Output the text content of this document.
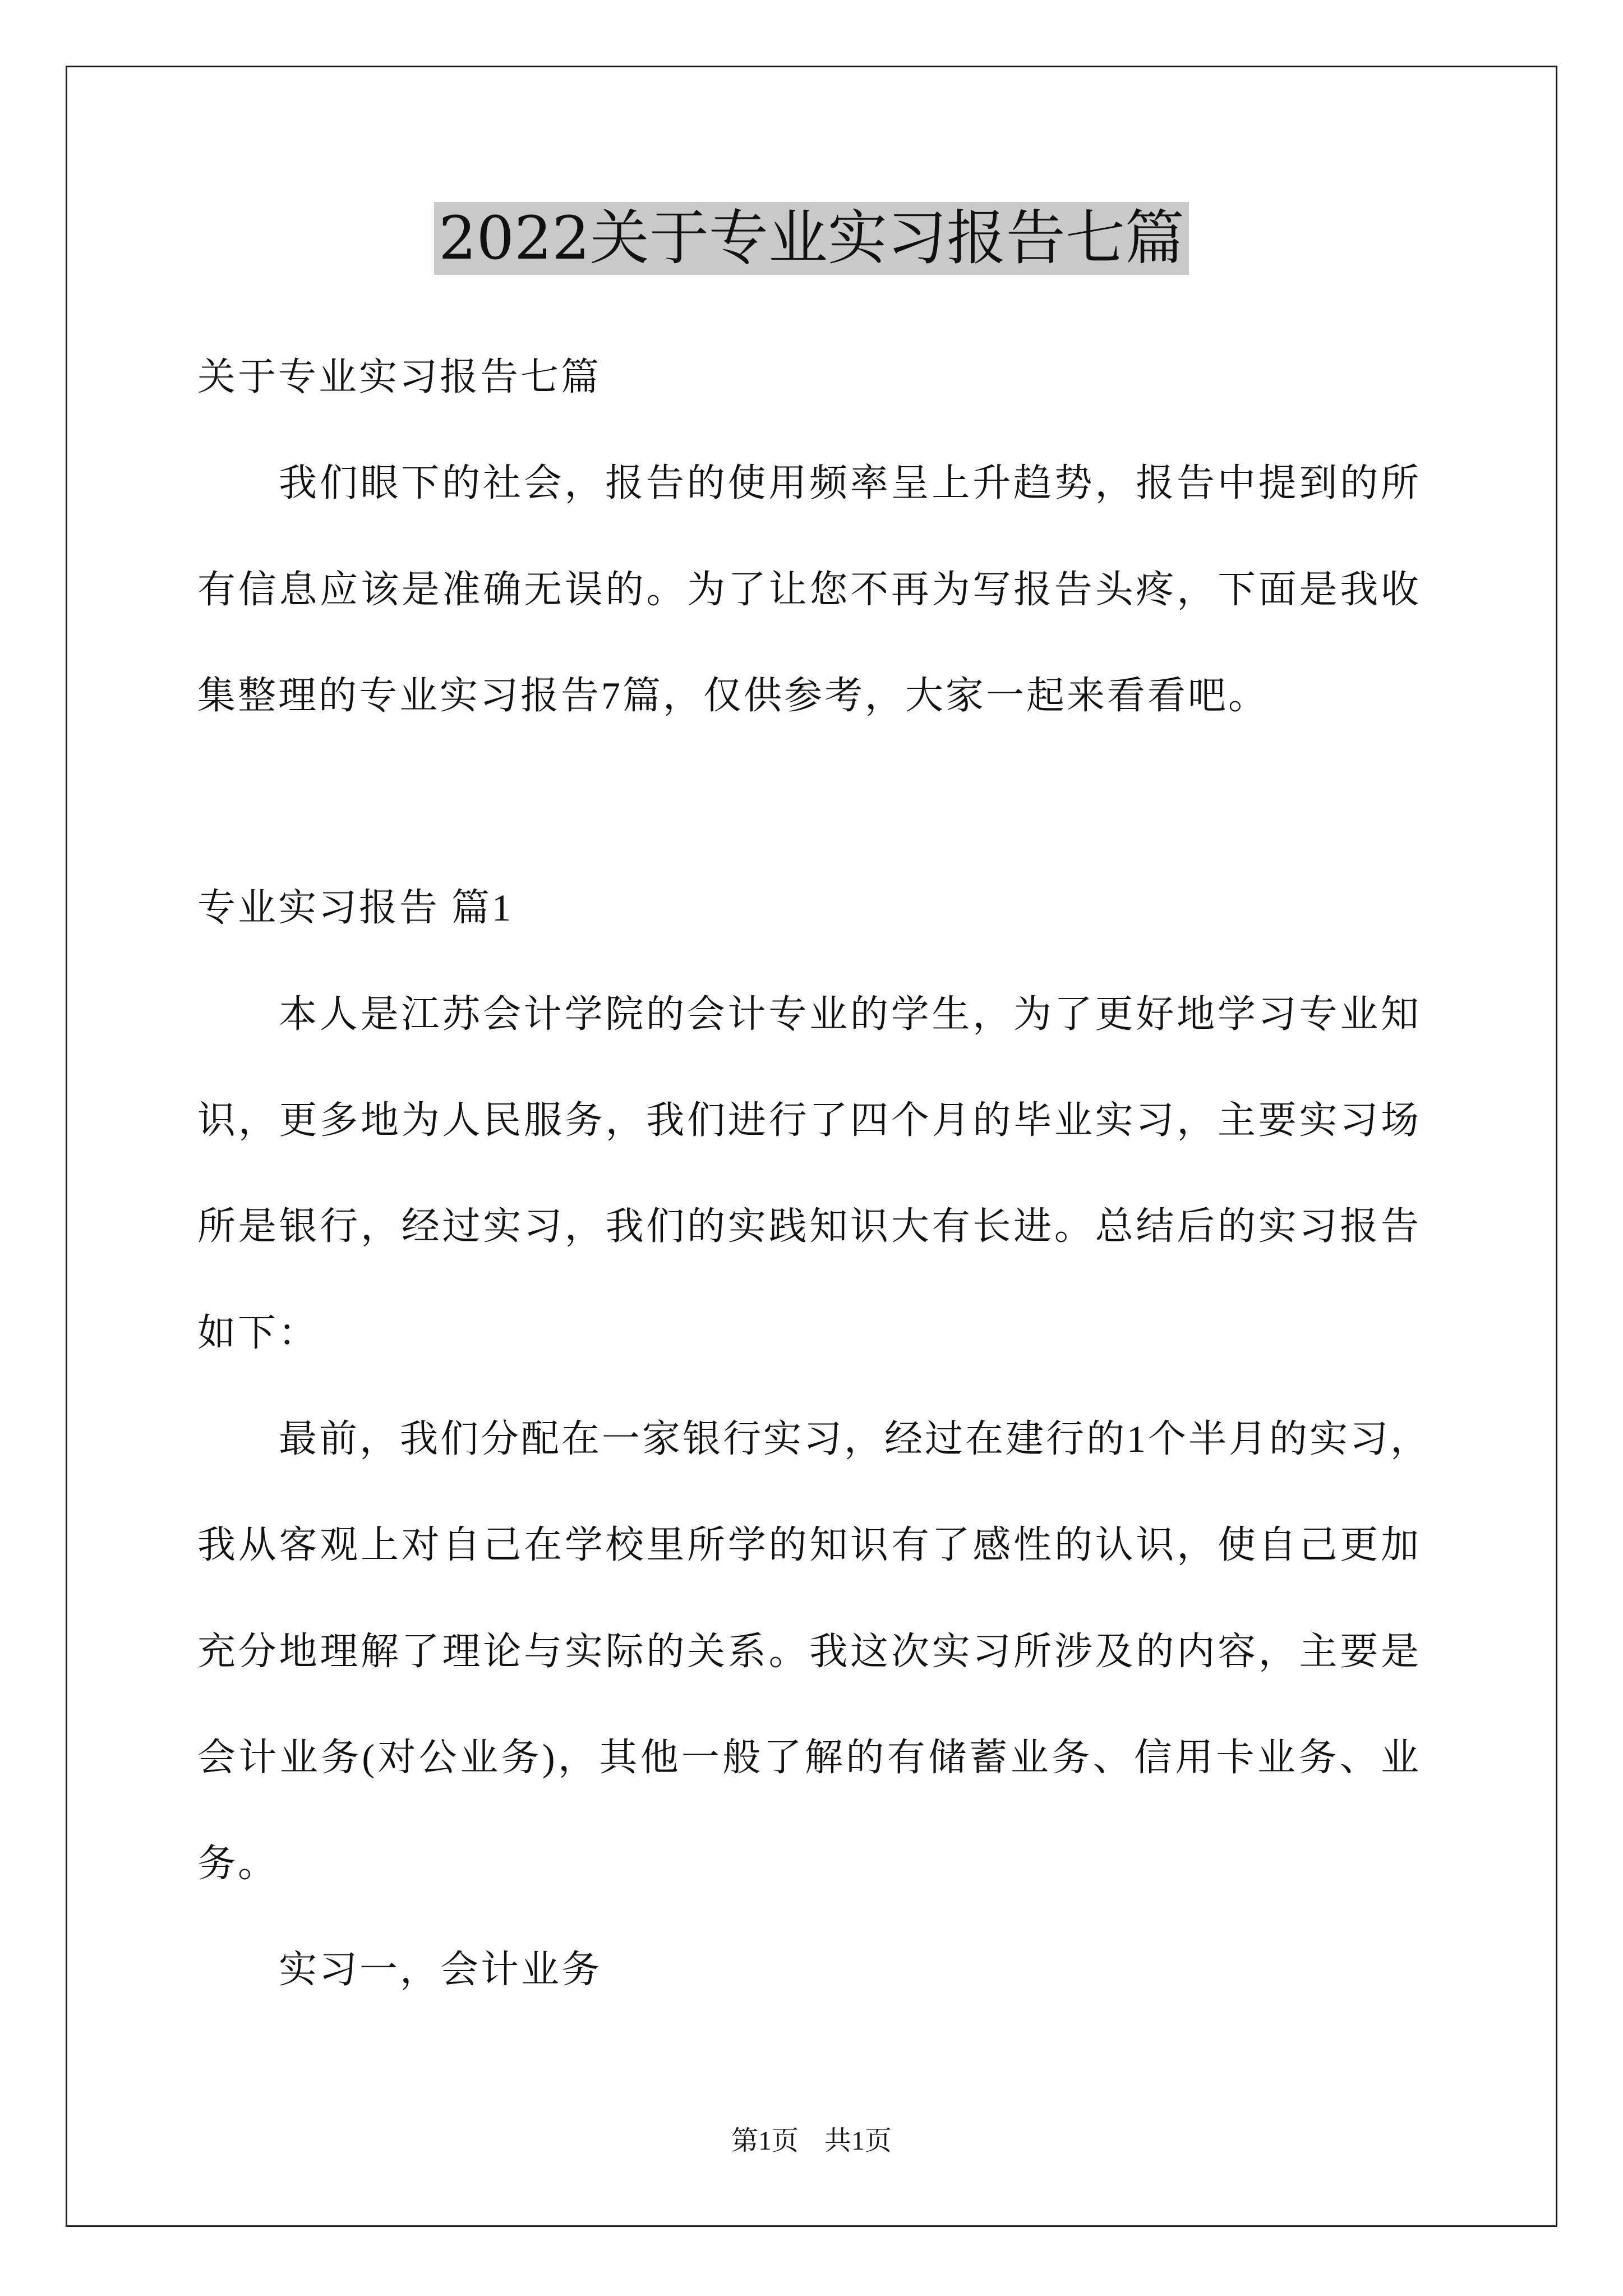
2022关于专业实习报告七篇
关于专业实习报告七篇
我们眼下的社会，报告的使用频率呈上升趋势，报告中提到的所
有信息应该是准确无误的。为了让您不再为写报告头疼，下面是我收
集整理的专业实习报告7篇，仅供参考，大家一起来看看吧。
专业实习报告 篇1
本人是江苏会计学院的会计专业的学生，为了更好地学习专业知
识，更多地为人民服务，我们进行了四个月的毕业实习，主要实习场
所是银行，经过实习，我们的实践知识大有长进。总结后的实习报告
如下：
最前，我们分配在一家银行实习，经过在建行的1个半月的实习，
我从客观上对自己在学校里所学的知识有了感性的认识，使自己更加
充分地理解了理论与实际的关系。我这次实习所涉及的内容，主要是
会计业务(对公业务)，其他一般了解的有储蓄业务、信用卡业务、业
务。
实习一，会计业务
第1页 共1页
